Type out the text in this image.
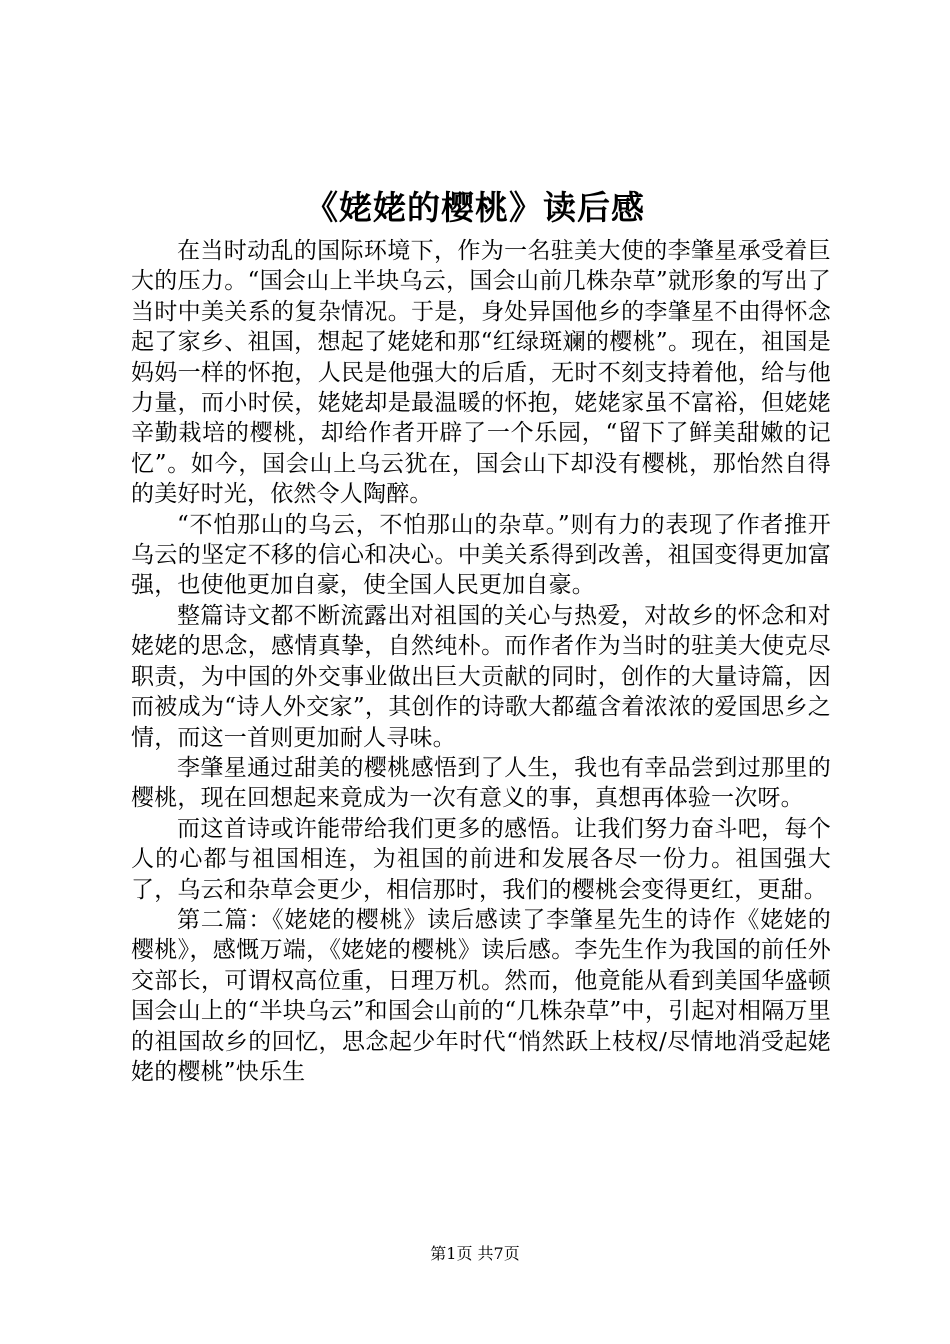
《姥姥的樱桃》读后感

在当时动乱的国际环境下，作为一名驻美大使的李肇星承受着巨大的压力。“国会山上半块乌云，国会山前几株杂草”就形象的写出了当时中美关系的复杂情况。于是，身处异国他乡的李肇星不由得怀念起了家乡、祖国，想起了姥姥和那“红绿斑斓的樱桃”。现在，祖国是妈妈一样的怀抱，人民是他强大的后盾，无时不刻支持着他，给与他力量，而小时侯，姥姥却是最温暖的怀抱，姥姥家虽不富裕，但姥姥辛勤栽培的樱桃，却给作者开辟了一个乐园，“留下了鲜美甜嫩的记忆”。如今，国会山上乌云犹在，国会山下却没有樱桃，那怡然自得的美好时光，依然令人陶醉。

“不怕那山的乌云，不怕那山的杂草。”则有力的表现了作者推开乌云的坚定不移的信心和决心。中美关系得到改善，祖国变得更加富强，也使他更加自豪，使全国人民更加自豪。

整篇诗文都不断流露出对祖国的关心与热爱，对故乡的怀念和对姥姥的思念，感情真挚，自然纯朴。而作者作为当时的驻美大使克尽职责，为中国的外交事业做出巨大贡献的同时，创作的大量诗篇，因而被成为“诗人外交家”，其创作的诗歌大都蕴含着浓浓的爱国思乡之情，而这一首则更加耐人寻味。

李肇星通过甜美的樱桃感悟到了人生，我也有幸品尝到过那里的樱桃，现在回想起来竟成为一次有意义的事，真想再体验一次呀。

而这首诗或许能带给我们更多的感悟。让我们努力奋斗吧，每个人的心都与祖国相连，为祖国的前进和发展各尽一份力。祖国强大了，乌云和杂草会更少，相信那时，我们的樱桃会变得更红，更甜。

第二篇：《姥姥的樱桃》读后感读了李肇星先生的诗作《姥姥的樱桃》，感慨万端，《姥姥的樱桃》读后感。李先生作为我国的前任外交部长，可谓权高位重，日理万机。然而，他竟能从看到美国华盛顿国会山上的“半块乌云”和国会山前的“几株杂草”中，引起对相隔万里的祖国故乡的回忆，思念起少年时代“悄然跃上枝杈/尽情地消受起姥姥的樱桃”快乐生

第1页 共7页
